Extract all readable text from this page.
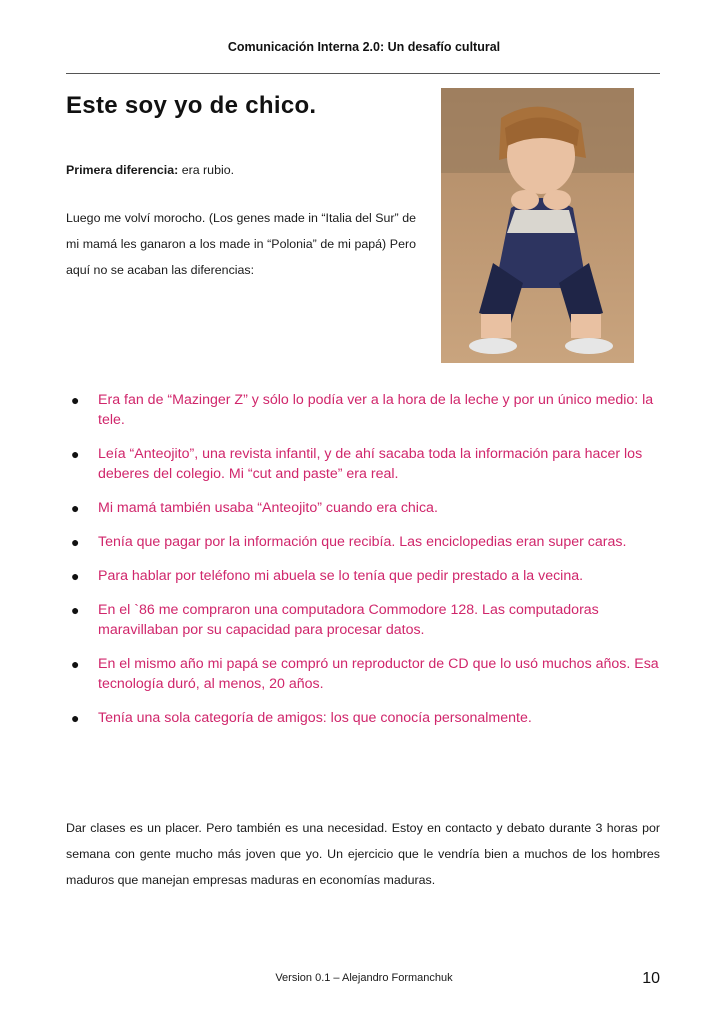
Comunicación Interna 2.0: Un desafío cultural
Este soy yo de chico.
Primera diferencia: era rubio.
Luego me volví morocho. (Los genes made in “Italia del Sur” de mi mamá les ganaron a los made in “Polonia” de mi papá) Pero aquí no se acaban las diferencias:
● Era fan de “Mazinger Z” y sólo lo podía ver a la hora de la leche y por un único medio: la tele.
● Leía “Anteojito”, una revista infantil, y de ahí sacaba toda la información para hacer los deberes del colegio. Mi “cut and paste” era real.
● Mi mamá también usaba “Anteojito” cuando era chica.
● Tenía que pagar por la información que recibía. Las enciclopedias eran super caras.
● Para hablar por teléfono mi abuela se lo tenía que pedir prestado a la vecina.
● En el `86 me compraron una computadora Commodore 128. Las computadoras maravillaban por su capacidad para procesar datos.
● En el mismo año mi papá se compró un reproductor de CD que lo usó muchos años. Esa tecnología duró, al menos, 20 años.
● Tenía una sola categoría de amigos: los que conocía personalmente.
Dar clases es un placer. Pero también es una necesidad. Estoy en contacto y debato durante 3 horas por semana con gente mucho más joven que yo. Un ejercicio que le vendría bien a muchos de los hombres maduros que manejan empresas maduras en economías maduras.
Version 0.1 – Alejandro Formanchuk	10
